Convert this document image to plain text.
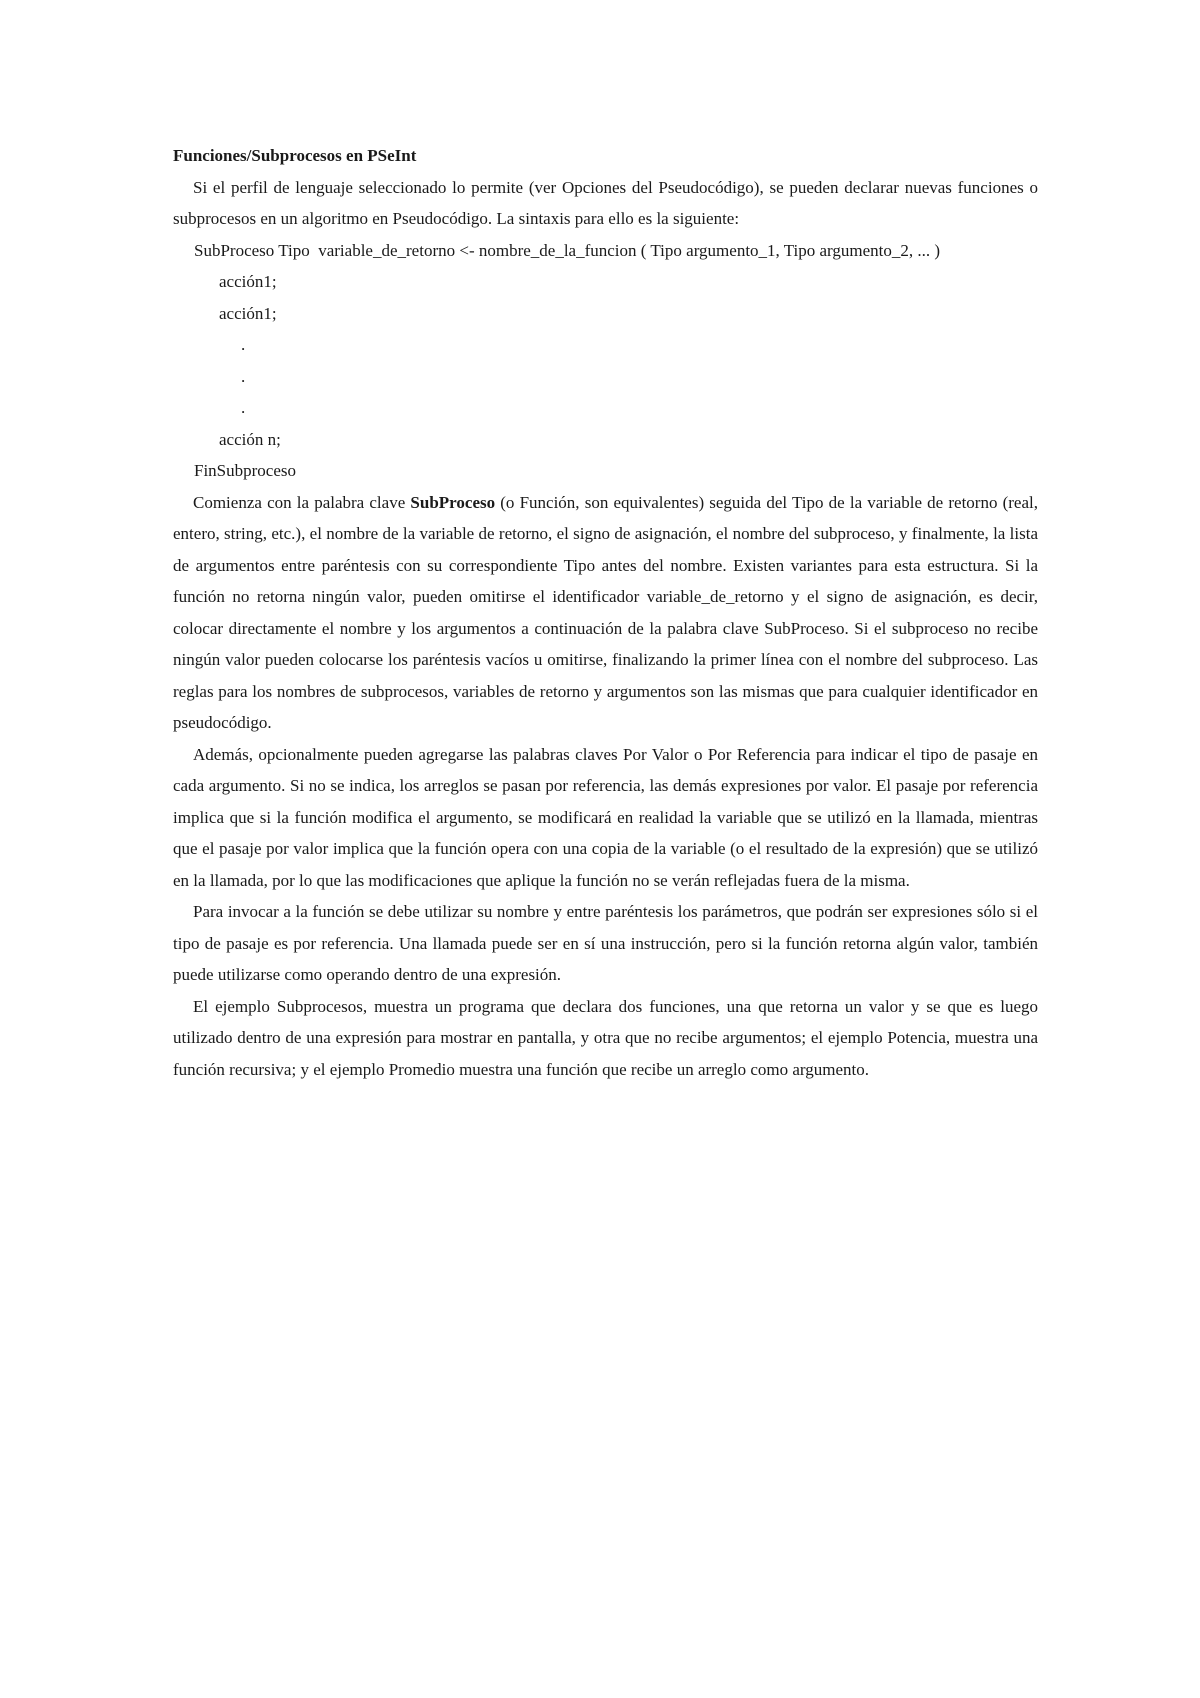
Funciones/Subprocesos en PSeInt

Si el perfil de lenguaje seleccionado lo permite (ver Opciones del Pseudocódigo), se pueden declarar nuevas funciones o subprocesos en un algoritmo en Pseudocódigo. La sintaxis para ello es la siguiente:

SubProceso Tipo  variable_de_retorno <- nombre_de_la_funcion ( Tipo argumento_1, Tipo argumento_2, ... )
acción1;
acción1;
.
.
.
acción n;
FinSubproceso

Comienza con la palabra clave SubProceso (o Función, son equivalentes) seguida del Tipo de la variable de retorno (real, entero, string, etc.), el nombre de la variable de retorno, el signo de asignación, el nombre del subproceso, y finalmente, la lista de argumentos entre paréntesis con su correspondiente Tipo antes del nombre. Existen variantes para esta estructura. Si la función no retorna ningún valor, pueden omitirse el identificador variable_de_retorno y el signo de asignación, es decir, colocar directamente el nombre y los argumentos a continuación de la palabra clave SubProceso. Si el subproceso no recibe ningún valor pueden colocarse los paréntesis vacíos u omitirse, finalizando la primer línea con el nombre del subproceso. Las reglas para los nombres de subprocesos, variables de retorno y argumentos son las mismas que para cualquier identificador en pseudocódigo.

Además, opcionalmente pueden agregarse las palabras claves Por Valor o Por Referencia para indicar el tipo de pasaje en cada argumento. Si no se indica, los arreglos se pasan por referencia, las demás expresiones por valor. El pasaje por referencia implica que si la función modifica el argumento, se modificará en realidad la variable que se utilizó en la llamada, mientras que el pasaje por valor implica que la función opera con una copia de la variable (o el resultado de la expresión) que se utilizó en la llamada, por lo que las modificaciones que aplique la función no se verán reflejadas fuera de la misma.

Para invocar a la función se debe utilizar su nombre y entre paréntesis los parámetros, que podrán ser expresiones sólo si el tipo de pasaje es por referencia. Una llamada puede ser en sí una instrucción, pero si la función retorna algún valor, también puede utilizarse como operando dentro de una expresión.

El ejemplo Subprocesos, muestra un programa que declara dos funciones, una que retorna un valor y se que es luego utilizado dentro de una expresión para mostrar en pantalla, y otra que no recibe argumentos; el ejemplo Potencia, muestra una función recursiva; y el ejemplo Promedio muestra una función que recibe un arreglo como argumento.
